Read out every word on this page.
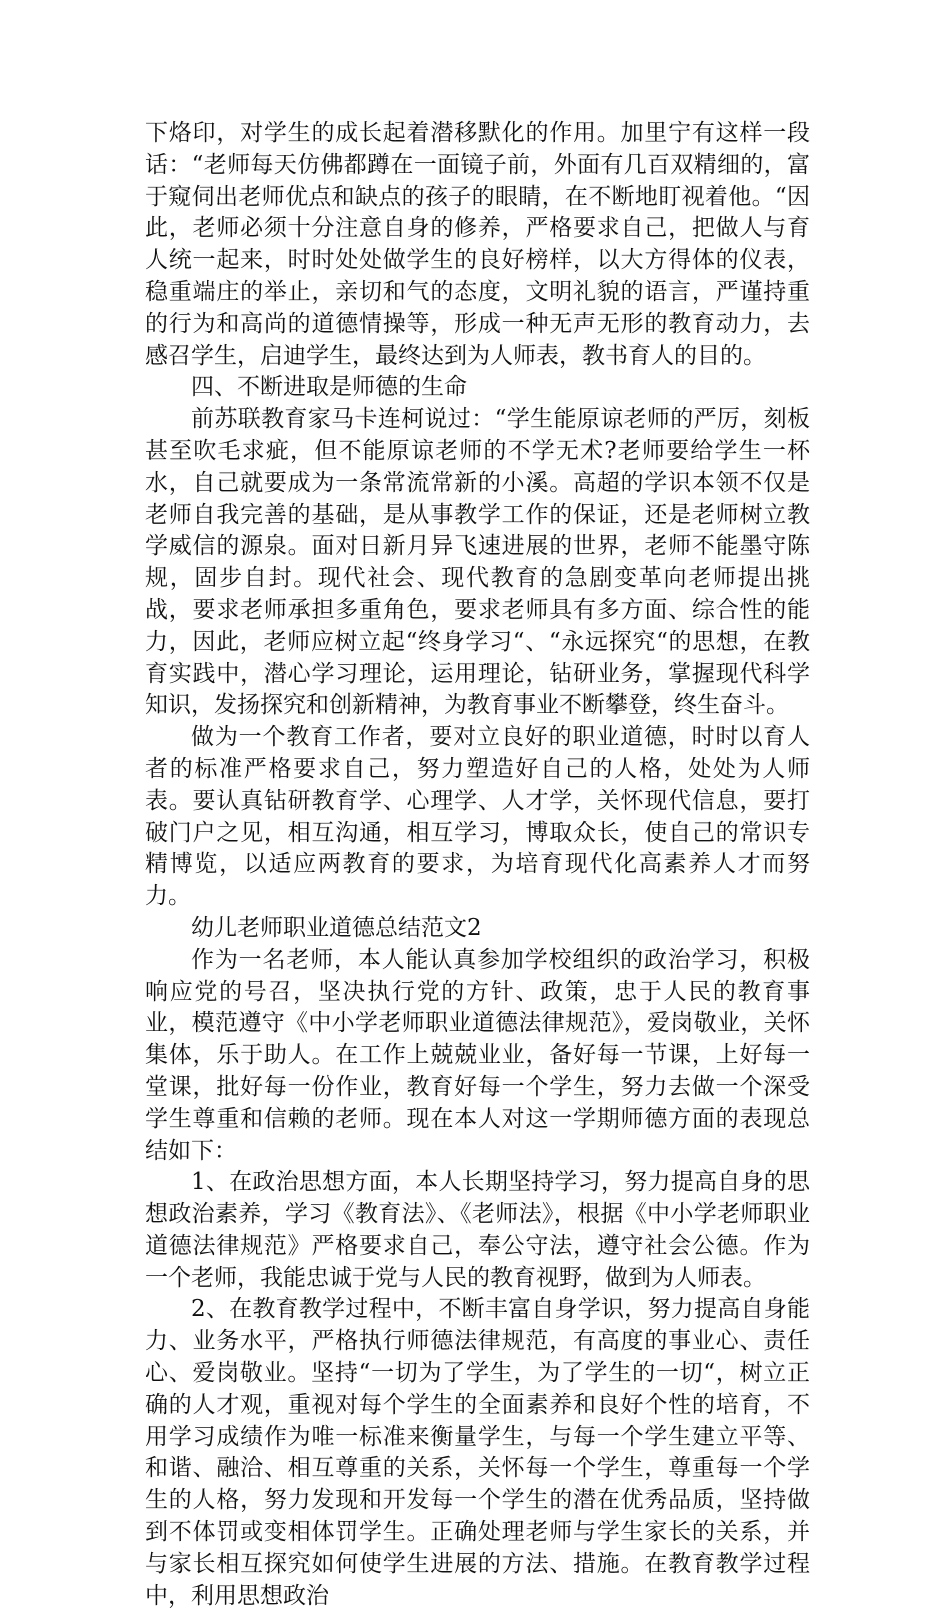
下烙印，对学生的成长起着潜移默化的作用。加里宁有这样一段话：“老师每天仿佛都蹲在一面镜子前，外面有几百双精细的，富于窥伺出老师优点和缺点的孩子的眼睛，在不断地盯视着他。“因此，老师必须十分注意自身的修养，严格要求自己，把做人与育人统一起来，时时处处做学生的良好榜样，以大方得体的仪表，稳重端庄的举止，亲切和气的态度，文明礼貌的语言，严谨持重的行为和高尚的道德情操等，形成一种无声无形的教育动力，去感召学生，启迪学生，最终达到为人师表，教书育人的目的。

四、不断进取是师德的生命

前苏联教育家马卡连柯说过：“学生能原谅老师的严厉，刻板甚至吹毛求疵，但不能原谅老师的不学无术?老师要给学生一杯水，自己就要成为一条常流常新的小溪。高超的学识本领不仅是老师自我完善的基础，是从事教学工作的保证，还是老师树立教学威信的源泉。面对日新月异飞速进展的世界，老师不能墨守陈规，固步自封。现代社会、现代教育的急剧变革向老师提出挑战，要求老师承担多重角色，要求老师具有多方面、综合性的能力，因此，老师应树立起“终身学习“、“永远探究“的思想，在教育实践中，潜心学习理论，运用理论，钻研业务，掌握现代科学知识，发扬探究和创新精神，为教育事业不断攀登，终生奋斗。

做为一个教育工作者，要对立良好的职业道德，时时以育人者的标准严格要求自己，努力塑造好自己的人格，处处为人师表。要认真钻研教育学、心理学、人才学，关怀现代信息，要打破门户之见，相互沟通，相互学习，博取众长，使自己的常识专精博览，以适应两教育的要求，为培育现代化高素养人才而努力。

幼儿老师职业道德总结范文2

作为一名老师，本人能认真参加学校组织的政治学习，积极响应党的号召，坚决执行党的方针、政策，忠于人民的教育事业，模范遵守《中小学老师职业道德法律规范》，爱岗敬业，关怀集体，乐于助人。在工作上兢兢业业，备好每一节课，上好每一堂课，批好每一份作业，教育好每一个学生，努力去做一个深受学生尊重和信赖的老师。现在本人对这一学期师德方面的表现总结如下：

1、在政治思想方面，本人长期坚持学习，努力提高自身的思想政治素养，学习《教育法》、《老师法》，根据《中小学老师职业道德法律规范》严格要求自己，奉公守法，遵守社会公德。作为一个老师，我能忠诚于党与人民的教育视野，做到为人师表。

2、在教育教学过程中，不断丰富自身学识，努力提高自身能力、业务水平，严格执行师德法律规范，有高度的事业心、责任心、爱岗敬业。坚持“一切为了学生，为了学生的一切“，树立正确的人才观，重视对每个学生的全面素养和良好个性的培育，不用学习成绩作为唯一标准来衡量学生，与每一个学生建立平等、和谐、融洽、相互尊重的关系，关怀每一个学生，尊重每一个学生的人格，努力发现和开发每一个学生的潜在优秀品质，坚持做到不体罚或变相体罚学生。正确处理老师与学生家长的关系，并与家长相互探究如何使学生进展的方法、措施。在教育教学过程中，利用思想政治
